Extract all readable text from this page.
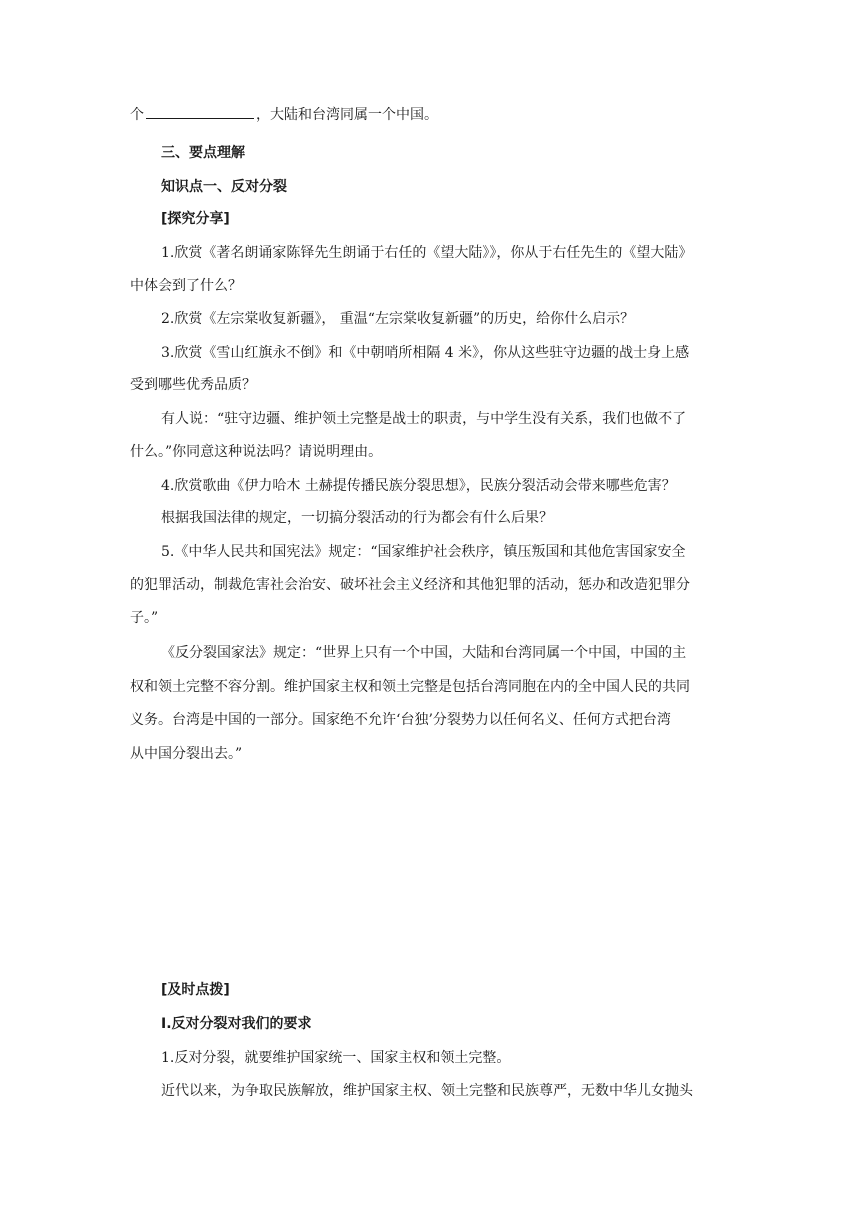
个	，大陆和台湾同属一个中国。
三、要点理解
知识点一、反对分裂
[探究分享]
1.欣赏《著名朗诵家陈铎先生朗诵于右任的《望大陆》》，你从于右任先生的《望大陆》
中体会到了什么？
2.欣赏《左宗棠收复新疆》， 重温“左宗棠收复新疆”的历史，给你什么启示？
3.欣赏《雪山红旗永不倒》和《中朝哨所相隔 4 米》，你从这些驻守边疆的战士身上感
受到哪些优秀品质？
有人说：“驻守边疆、维护领土完整是战士的职责，与中学生没有关系，我们也做不了
什么。”你同意这种说法吗？请说明理由。
4.欣赏歌曲《伊力哈木 土赫提传播民族分裂思想》，民族分裂活动会带来哪些危害？
根据我国法律的规定，一切搞分裂活动的行为都会有什么后果？
5.《中华人民共和国宪法》规定：“国家维护社会秩序，镇压叛国和其他危害国家安全
的犯罪活动，制裁危害社会治安、破坏社会主义经济和其他犯罪的活动，惩办和改造犯罪分
子。”
《反分裂国家法》规定：“世界上只有一个中国，大陆和台湾同属一个中国，中国的主
权和领土完整不容分割。维护国家主权和领土完整是包括台湾同胞在内的全中国人民的共同
义务。台湾是中国的一部分。国家绝不允许‘台独’分裂势力以任何名义、任何方式把台湾
从中国分裂出去。”
[及时点拨]
Ⅰ.反对分裂对我们的要求
1.反对分裂，就要维护国家统一、国家主权和领土完整。
近代以来，为争取民族解放，维护国家主权、领土完整和民族尊严，无数中华儿女抛头
